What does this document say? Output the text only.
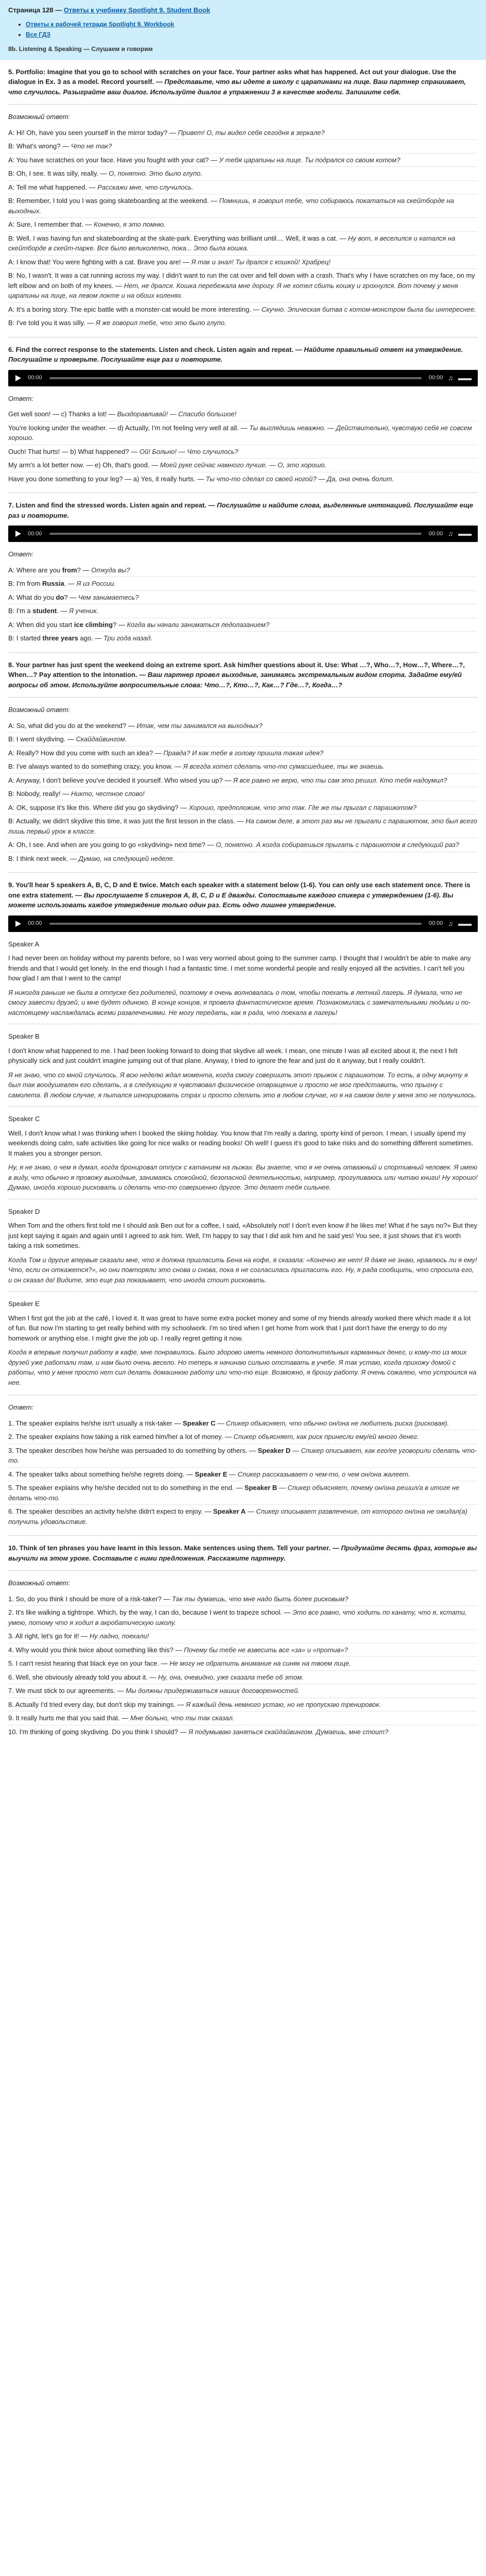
Страница 128 — Ответы к учебнику Spotlight 9. Student Book
• Ответы к рабочей тетради Spotlight 9. Workbook
• Все ГДЗ
8b. Listening & Speaking — Слушаем и говорим
5. Portfolio: Imagine that you go to school with scratches on your face. Your partner asks what has happened. Act out your dialogue. Use the dialogue in Ex. 3 as a model. Record yourself. — Представьте, что вы идете в школу с царапинами на лице. Ваш партнер спрашивает, что случилось. Разыграйте ваш диалог. Используйте диалог в упражнении 3 в качестве модели. Запишите себя.
Возможный ответ:
A: Hi! Oh, have you seen yourself in the mirror today? — Привет! О, ты видел себя сегодня в зеркале?
B: What's wrong? — Что не так?
A: You have scratches on your face. Have you fought with your cat? — У тебя царапины на лице. Ты подрался со своим котом?
B: Oh, I see. It was silly, really. — О, понятно. Это было глупо.
A: Tell me what happened. — Расскажи мне, что случилось.
B: Remember, I told you I was going skateboarding at the weekend. — Помнишь, я говорил тебе, что собираюсь покататься на скейтборде на выходных.
A: Sure, I remember that. — Конечно, я это помню.
B: Well, I was having fun and skateboarding at the skate-park. Everything was brilliant until.... Well, it was a cat. — Ну вот, я веселился и катался на скейтборде в скейт-парке. Все было великолепно, пока... Это была кошка.
A: I know that! You were fighting with a cat. Brave you are! — Я так и знал! Ты дрался с кошкой! Храбрец!
B: No, I wasn't. It was a cat running across my way. I didn't want to run the cat over and fell down with a crash. That's why I have scratches on my face, on my left elbow and on both of my knees. — Нет, не дрался. Кошка перебежала мне дорогу. Я не хотел сбить кошку и грохнулся. Вот почему у меня царапины на лице, на левом локте и на обоих коленях.
A: It's a boring story. The epic battle with a monster-cat would be more interesting. — Скучно. Эпическая битва с котом-монстром была бы интереснее.
B: I've told you it was silly. — Я же говорил тебе, что это было глупо.
6. Find the correct response to the statements. Listen and check. Listen again and repeat. — Найдите правильный ответ на утверждение. Послушайте и проверьте. Послушайте еще раз и повторите.
00:00	00:00 ♫ ▬▬
Ответ:
Get well soon! — c) Thanks a lot! — Выздоравливай! — Спасибо большое!
You're looking under the weather. — d) Actually, I'm not feeling very well at all. — Ты выглядишь неважно. — Действительно, чувствую себя не совсем хорошо.
Ouch! That hurts! — b) What happened? — Ой! Больно! — Что случилось?
My arm's a lot better now. — e) Oh, that's good. — Моей руке сейчас намного лучше. — О, это хорошо.
Have you done something to your leg? — a) Yes, it really hurts. — Ты что-то сделал со своей ногой? — Да, она очень болит.
7. Listen and find the stressed words. Listen again and repeat. — Послушайте и найдите слова, выделенные интонацией. Послушайте еще раз и повторите.
00:00	00:00 ♫ ▬▬
Ответ:
A: Where are you from? — Откуда вы?
B: I'm from Russia. — Я из России.
A: What do you do? — Чем занимаетесь?
B: I'm a student. — Я ученик.
A: When did you start ice climbing? — Когда вы начали заниматься ледолазанием?
B: I started three years ago. — Три года назад.
8. Your partner has just spent the weekend doing an extreme sport. Ask him/her questions about it. Use: What …?, Who…?, How…?, Where…?, When…? Pay attention to the intonation. — Ваш партнер провел выходные, занимаясь экстремальным видом спорта. Задайте ему/ей вопросы об этом. Используйте вопросительные слова: Что…?, Кто…?, Как…? Где…?, Когда…?
Возможный ответ:
A: So, what did you do at the weekend? — Итак, чем ты занимался на выходных?
B: I went skydiving. — Скайдайвингом.
A: Really? How did you come with such an idea? — Правда? И как тебе в голову пришла такая идея?
B: I've always wanted to do something crazy, you know. — Я всегда хотел сделать что-то сумасшедшее, ты же знаешь.
A: Anyway, I don't believe you've decided it yourself. Who wised you up? — Я все равно не верю, что ты сам это решил. Кто тебя надоумил?
B: Nobody, really! — Никто, честное слово!
A: OK, suppose it's like this. Where did you go skydiving? — Хорошо, предположим, что это так. Где же ты прыгал с парашютом?
B: Actually, we didn't skydive this time, it was just the first lesson in the class. — На самом деле, в этот раз мы не прыгали с парашютом, это был всего лишь первый урок в классе.
A: Oh, I see. And when are you going to go «skydiving» next time? — О, понятно. А когда собираешься прыгать с парашютом в следующий раз?
B: I think next week. — Думаю, на следующей неделе.
9. You'll hear 5 speakers A, B, C, D and E twice. Match each speaker with a statement below (1-6). You can only use each statement once. There is one extra statement. — Вы прослушаете 5 спикеров A, B, C, D и E дважды. Сопоставьте каждого спикера с утверждением (1-6). Вы можете использовать каждое утверждение только один раз. Есть одно лишнее утверждение.
00:00	00:00 ♫ ▬▬
Speaker A
I had never been on holiday without my parents before, so I was very worried about going to the summer camp. I thought that I wouldn't be able to make any friends and that I would get lonely. In the end though I had a fantastic time. I met some wonderful people and really enjoyed all the activities. I can't tell you how glad I am that I went to the camp!
Я никогда раньше не была в отпуске без родителей, поэтому я очень волновалась о том, чтобы поехать в летний лагерь. Я думала, что не смогу завести друзей, и мне будет одиноко. В конце концов, я провела фантастическое время. Познакомилась с замечательными людьми и по-настоящему наслаждалась всеми развлечениями. Не могу передать, как я рада, что поехала в лагерь!
Speaker B
I don't know what happened to me. I had been looking forward to doing that skydive all week. I mean, one minute I was all excited about it, the next I felt physically sick and just couldn't imagine jumping out of that plane. Anyway, I tried to ignore the fear and just do it anyway, but I really couldn't.
Я не знаю, что со мной случилось. Я всю неделю ждал момента, когда смогу совершить этот прыжок с парашютом. То есть, в одну минуту я был так воодушевлен его сделать, а в следующую я чувствовал физическое отвращение и просто не мог представить, что прыгну с самолета. В любом случае, я пытался игнорировать страх и просто сделать это в любом случае, но я на самом деле у меня это не получилось.
Speaker C
Well, I don't know what I was thinking when I booked the skiing holiday. You know that I'm really a daring, sporty kind of person. I mean, I usually spend my weekends doing calm, safe activities like going for nice walks or reading books! Oh well! I guess it's good to take risks and do something different sometimes. It makes you a stronger person.
Ну, я не знаю, о чем я думал, когда бронировал отпуск с катанием на лыжах. Вы знаете, что я не очень отважный и спортивный человек. Я имею в виду, что обычно я провожу выходные, занимаясь спокойной, безопасной деятельностью, например, прогуливаюсь или читаю книги! Ну хорошо! Думаю, иногда хорошо рисковать и сделать что-то совершенно другое. Это делает тебя сильнее.
Speaker D
When Tom and the others first told me I should ask Ben out for a coffee, I said, «Absolutely not! I don't even know if he likes me! What if he says no?» But they just kept saying it again and again until I agreed to ask him. Well, I'm happy to say that I did ask him and he said yes! You see, it just shows that it's worth taking a risk sometimes.
Когда Том и другие впервые сказали мне, что я должна пригласить Бена на кофе, я сказала: «Конечно же нет! Я даже не знаю, нравлюсь ли я ему! Что, если он откажется?», но они повторяли это снова и снова, пока я не согласилась пригласить его. Ну, я рада сообщить, что спросила его, и он сказал да! Видите, это еще раз показывает, что иногда стоит рисковать.
Speaker E
When I first got the job at the café, I loved it. It was great to have some extra pocket money and some of my friends already worked there which made it a lot of fun. But now I'm starting to get really behind with my schoolwork. I'm so tired when I get home from work that I just don't have the energy to do my homework or anything else. I might give the job up. I really regret getting it now.
Когда я впервые получил работу в кафе, мне понравилось. Было здорово иметь немного дополнительных карманных денег, и кому-то из моих друзей уже работали там, и нам было очень весело. Но теперь я начинаю сильно отставать в учебе. Я так устаю, когда прихожу домой с работы, что у меня просто нет сил делать домашнюю работу или что-то еще. Возможно, я брошу работу. Я очень сожалею, что устроился на нее.
Ответ:
1. The speaker explains he/she isn't usually a risk-taker — Speaker C — Спикер объясняет, что обычно он/она не любитель риска (рисковая).
2. The speaker explains how taking a risk earned him/her a lot of money. — Спикер объясняет, как риск принесли ему/ей много денег.
3. The speaker describes how he/she was persuaded to do something by others. — Speaker D — Спикер описывает, как его/ее уговорили сделать что-то.
4. The speaker talks about something he/she regrets doing. — Speaker E — Спикер рассказывает о чем-то, о чем он/она жалеет.
5. The speaker explains why he/she decided not to do something in the end. — Speaker B — Спикер объясняет, почему он/она решил/а в итоге не делать что-то.
6. The speaker describes an activity he/she didn't expect to enjoy. — Speaker A — Спикер описывает развлечение, от которого он/она не ожидал(а) получить удовольствие.
10. Think of ten phrases you have learnt in this lesson. Make sentences using them. Tell your partner. — Придумайте десять фраз, которые вы выучили на этом уроке. Составьте с ними предложения. Расскажите партнеру.
Возможный ответ:
1. So, do you think I should be more of a risk-taker? — Так ты думаешь, что мне надо быть более рисковым?
2. It's like walking a tightrope. Which, by the way, I can do, because I went to trapeze school. — Это все равно, что ходить по канату, что я, кстати, умею, потому что я ходил в акробатическую школу.
3. All right, let's go for it! — Ну ладно, поехали!
4. Why would you think twice about something like this? — Почему бы тебе не взвесить все «за» и «против»?
5. I can't resist hearing that black eye on your face. — Не могу не обратить внимание на синяк на твоем лице.
6. Well, she obviously already told you about it. — Ну, она, очевидно, уже сказала тебе об этом.
7. We must stick to our agreements. — Мы должны придерживаться наших договоренностей.
8. Actually I'd tried every day, but don't skip my trainings. — Я каждый день немного устаю, но не пропускаю тренировок.
9. It really hurts me that you said that. — Мне больно, что ты так сказал.
10. I'm thinking of going skydiving. Do you think I should? — Я подумываю заняться скайдайвингом. Думаешь, мне стоит?
